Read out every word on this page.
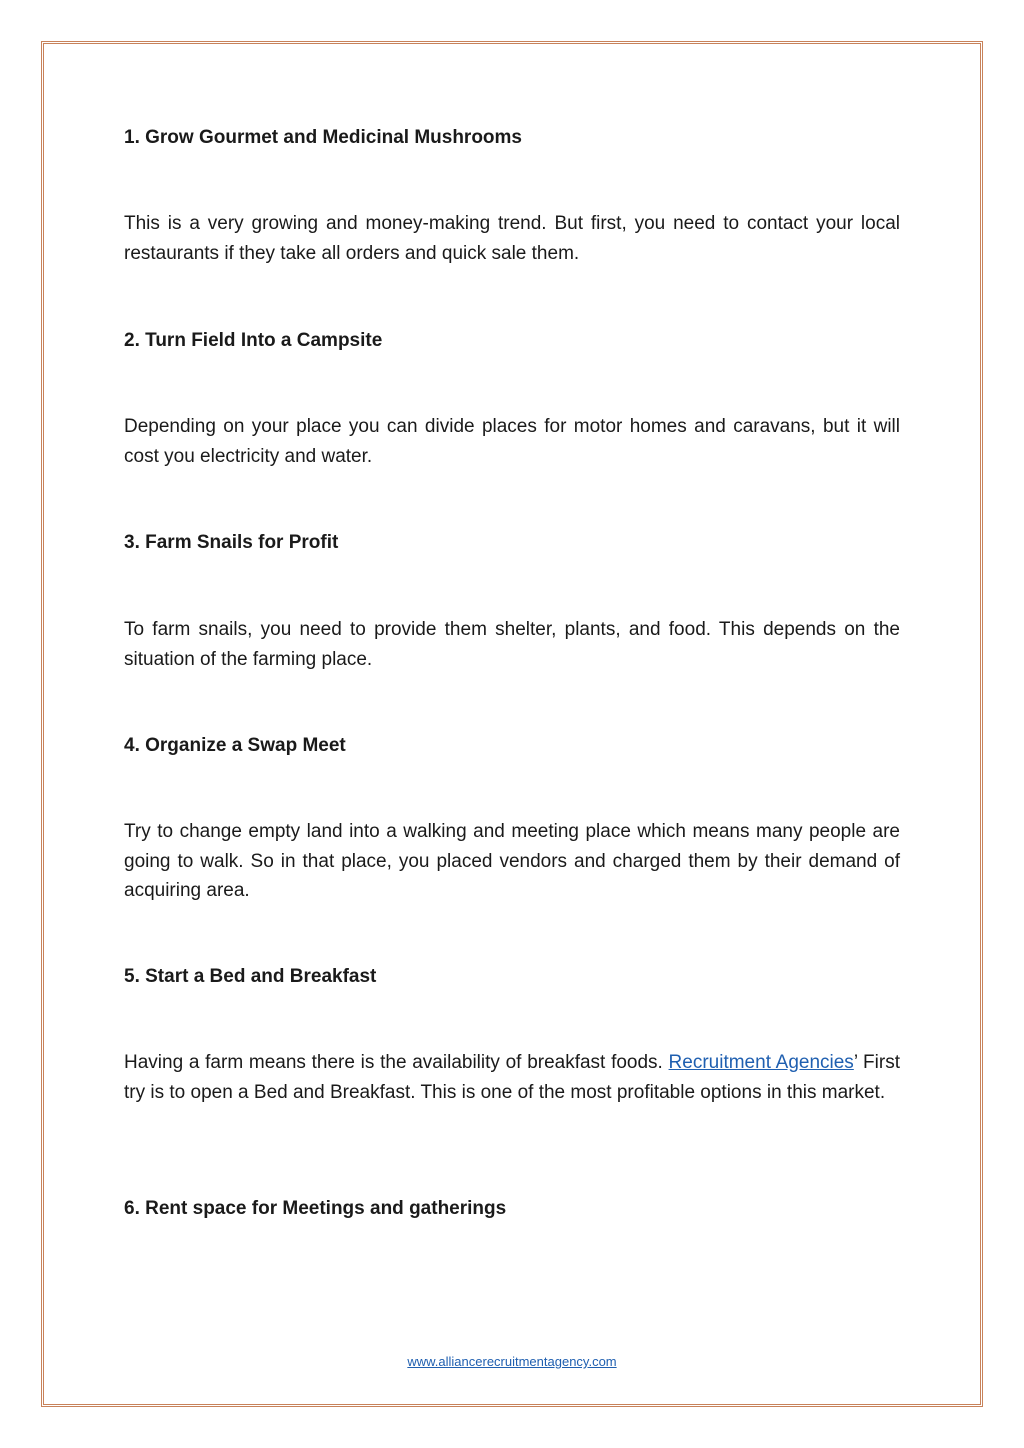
1. Grow Gourmet and Medicinal Mushrooms

This is a very growing and money-making trend. But first, you need to contact your local restaurants if they take all orders and quick sale them.

2. Turn Field Into a Campsite

Depending on your place you can divide places for motor homes and caravans, but it will cost you electricity and water.

3. Farm Snails for Profit

To farm snails, you need to provide them shelter, plants, and food. This depends on the situation of the farming place.

4. Organize a Swap Meet

Try to change empty land into a walking and meeting place which means many people are going to walk. So in that place, you placed vendors and charged them by their demand of acquiring area.

5. Start a Bed and Breakfast

Having a farm means there is the availability of breakfast foods. Recruitment Agencies’ First try is to open a Bed and Breakfast. This is one of the most profitable options in this market.

6. Rent space for Meetings and gatherings
www.alliancerecruitmentagency.com
